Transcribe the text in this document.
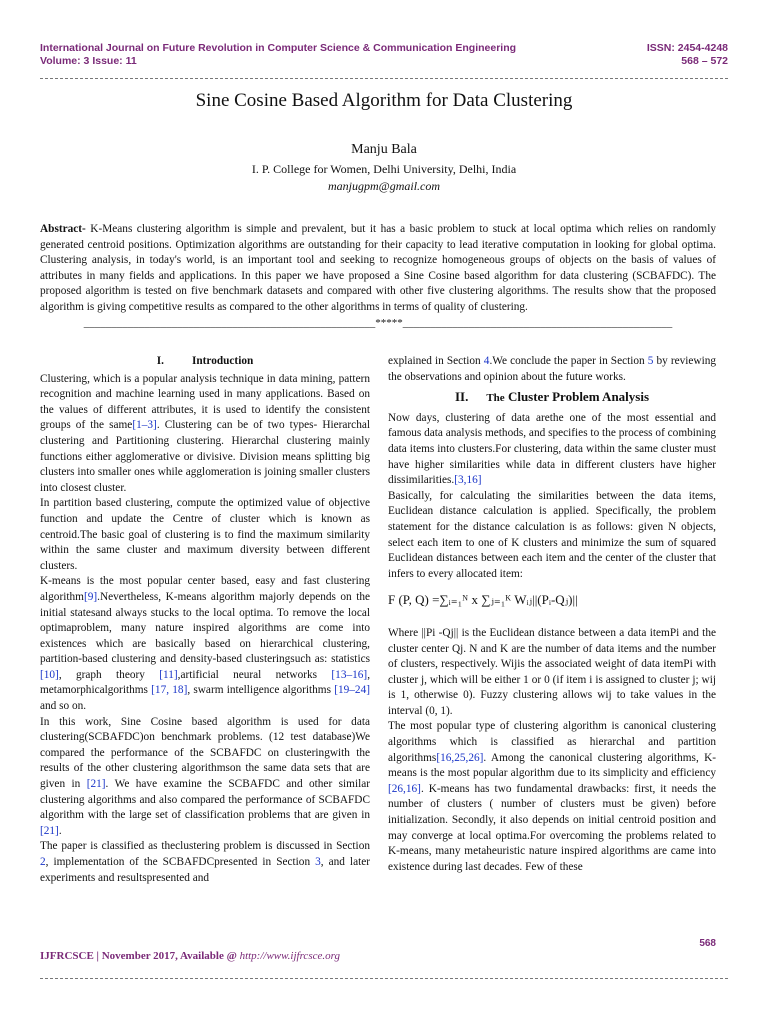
International Journal on Future Revolution in Computer Science & Communication Engineering
Volume: 3 Issue: 11
ISSN: 2454-4248
568 – 572
Sine Cosine Based Algorithm for Data Clustering
Manju Bala
I. P. College for Women, Delhi University, Delhi, India
manjugpm@gmail.com
Abstract- K-Means clustering algorithm is simple and prevalent, but it has a basic problem to stuck at local optima which relies on randomly generated centroid positions. Optimization algorithms are outstanding for their capacity to lead iterative computation in looking for global optima. Clustering analysis, in today's world, is an important tool and seeking to recognize homogeneous groups of objects on the basis of values of attributes in many fields and applications. In this paper we have proposed a Sine Cosine based algorithm for data clustering (SCBAFDC). The proposed algorithm is tested on five benchmark datasets and compared with other five clustering algorithms. The results show that the proposed algorithm is giving competitive results as compared to the other algorithms in terms of quality of clustering.
_____________________________________________________*****_________________________________________________
I. Introduction

Clustering, which is a popular analysis technique in data mining, pattern recognition and machine learning used in many applications. Based on the values of different attributes, it is used to identify the consistent groups of the same[1–3]. Clustering can be of two types- Hierarchal clustering and Partitioning clustering. Hierarchal clustering mainly functions either agglomerative or divisive. Division means splitting big clusters into smaller ones while agglomeration is joining smaller clusters into closest cluster.

In partition based clustering, compute the optimized value of objective function and update the Centre of cluster which is known as centroid.The basic goal of clustering is to find the maximum similarity within the same cluster and maximum diversity between different clusters.

K-means is the most popular center based, easy and fast clustering algorithm[9].Nevertheless, K-means algorithm majorly depends on the initial statesand always stucks to the local optima. To remove the local optimaproblem, many nature inspired algorithms are come into existences which are basically based on hierarchical clustering, partition-based clustering and density-based clusteringsuch as: statistics [10], graph theory [11],artificial neural networks [13–16], metamorphicalgorithms [17, 18], swarm intelligence algorithms [19–24] and so on.

In this work, Sine Cosine based algorithm is used for data clustering(SCBAFDC)on benchmark problems. (12 test database)We compared the performance of the SCBAFDC on clusteringwith the results of the other clustering algorithmson the same data sets that are given in [21]. We have examine the SCBAFDC and other similar clustering algorithms and also compared the performance of SCBAFDC algorithm with the large set of classification problems that are given in [21].

The paper is classified as theclustering problem is discussed in Section 2, implementation of the SCBAFDCpresented in Section 3, and later experiments and resultspresented and

explained in Section 4.We conclude the paper in Section 5 by reviewing the observations and opinion about the future works.

II. The Cluster Problem Analysis

Now days, clustering of data arethe one of the most essential and famous data analysis methods, and specifies to the process of combining data items into clusters.For clustering, data within the same cluster must have higher similarities while data in different clusters have higher dissimilarities.[3,16]

Basically, for calculating the similarities between the data items, Euclidean distance calculation is applied. Specifically, the problem statement for the distance calculation is as follows: given N objects, select each item to one of K clusters and minimize the sum of squared Euclidean distances between each item and the center of the cluster that infers to every allocated item:

F (P, Q) =∑ᵢ₌₁ᴺ x ∑ⱼ₌₁ᴷ Wᵢⱼ||(Pᵢ-Qⱼ)||

Where ||Pi -Qj|| is the Euclidean distance between a data itemPi and the cluster center Qj. N and K are the number of data items and the number of clusters, respectively. Wijis the associated weight of data itemPi with cluster j, which will be either 1 or 0 (if item i is assigned to cluster j; wij is 1, otherwise 0). Fuzzy clustering allows wij to take values in the interval (0, 1).

The most popular type of clustering algorithm is canonical clustering algorithms which is classified as hierarchal and partition algorithms[16,25,26]. Among the canonical clustering algorithms, K-means is the most popular algorithm due to its simplicity and efficiency [26,16]. K-means has two fundamental drawbacks: first, it needs the number of clusters ( number of clusters must be given) before initialization. Secondly, it also depends on initial centroid position and may converge at local optima.For overcoming the problems related to K-means, many metaheuristic nature inspired algorithms are came into existence during last decades. Few of these

568
IJFRCSCE | November 2017, Available @ http://www.ijfrcsce.org
